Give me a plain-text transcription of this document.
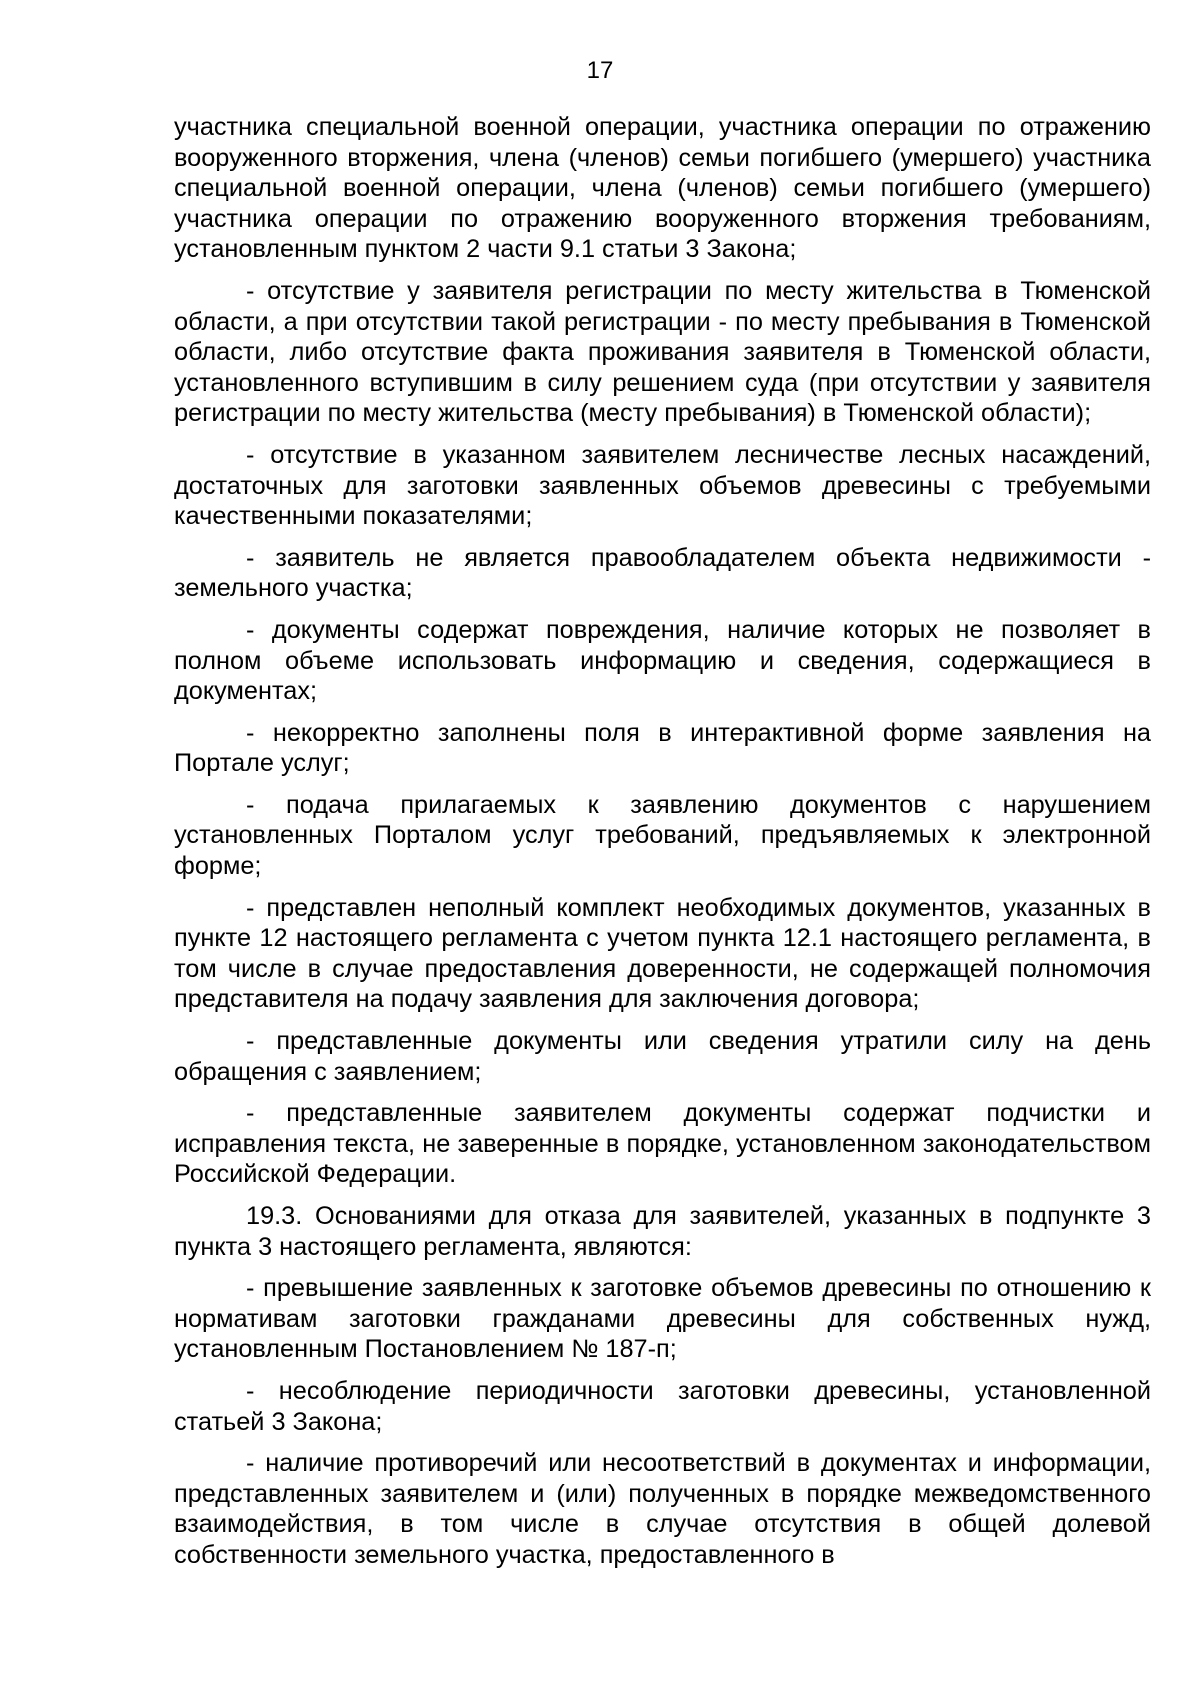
17

участника специальной военной операции, участника операции по отражению вооруженного вторжения, члена (членов) семьи погибшего (умершего) участника специальной военной операции, члена (членов) семьи погибшего (умершего) участника операции по отражению вооруженного вторжения требованиям, установленным пунктом 2 части 9.1 статьи 3 Закона;

- отсутствие у заявителя регистрации по месту жительства в Тюменской области, а при отсутствии такой регистрации - по месту пребывания в Тюменской области, либо отсутствие факта проживания заявителя в Тюменской области, установленного вступившим в силу решением суда (при отсутствии у заявителя регистрации по месту жительства (месту пребывания) в Тюменской области);

- отсутствие в указанном заявителем лесничестве лесных насаждений, достаточных для заготовки заявленных объемов древесины с требуемыми качественными показателями;

- заявитель не является правообладателем объекта недвижимости - земельного участка;

- документы содержат повреждения, наличие которых не позволяет в полном объеме использовать информацию и сведения, содержащиеся в документах;

- некорректно заполнены поля в интерактивной форме заявления на Портале услуг;

- подача прилагаемых к заявлению документов с нарушением установленных Порталом услуг требований, предъявляемых к электронной форме;

- представлен неполный комплект необходимых документов, указанных в пункте 12 настоящего регламента с учетом пункта 12.1 настоящего регламента, в том числе в случае предоставления доверенности, не содержащей полномочия представителя на подачу заявления для заключения договора;

- представленные документы или сведения утратили силу на день обращения с заявлением;

- представленные заявителем документы содержат подчистки и исправления текста, не заверенные в порядке, установленном законодательством Российской Федерации.

19.3. Основаниями для отказа для заявителей, указанных в подпункте 3 пункта 3 настоящего регламента, являются:

- превышение заявленных к заготовке объемов древесины по отношению к нормативам заготовки гражданами древесины для собственных нужд, установленным Постановлением № 187-п;

- несоблюдение периодичности заготовки древесины, установленной статьей 3 Закона;

- наличие противоречий или несоответствий в документах и информации, представленных заявителем и (или) полученных в порядке межведомственного взаимодействия, в том числе в случае отсутствия в общей долевой собственности земельного участка, предоставленного в
